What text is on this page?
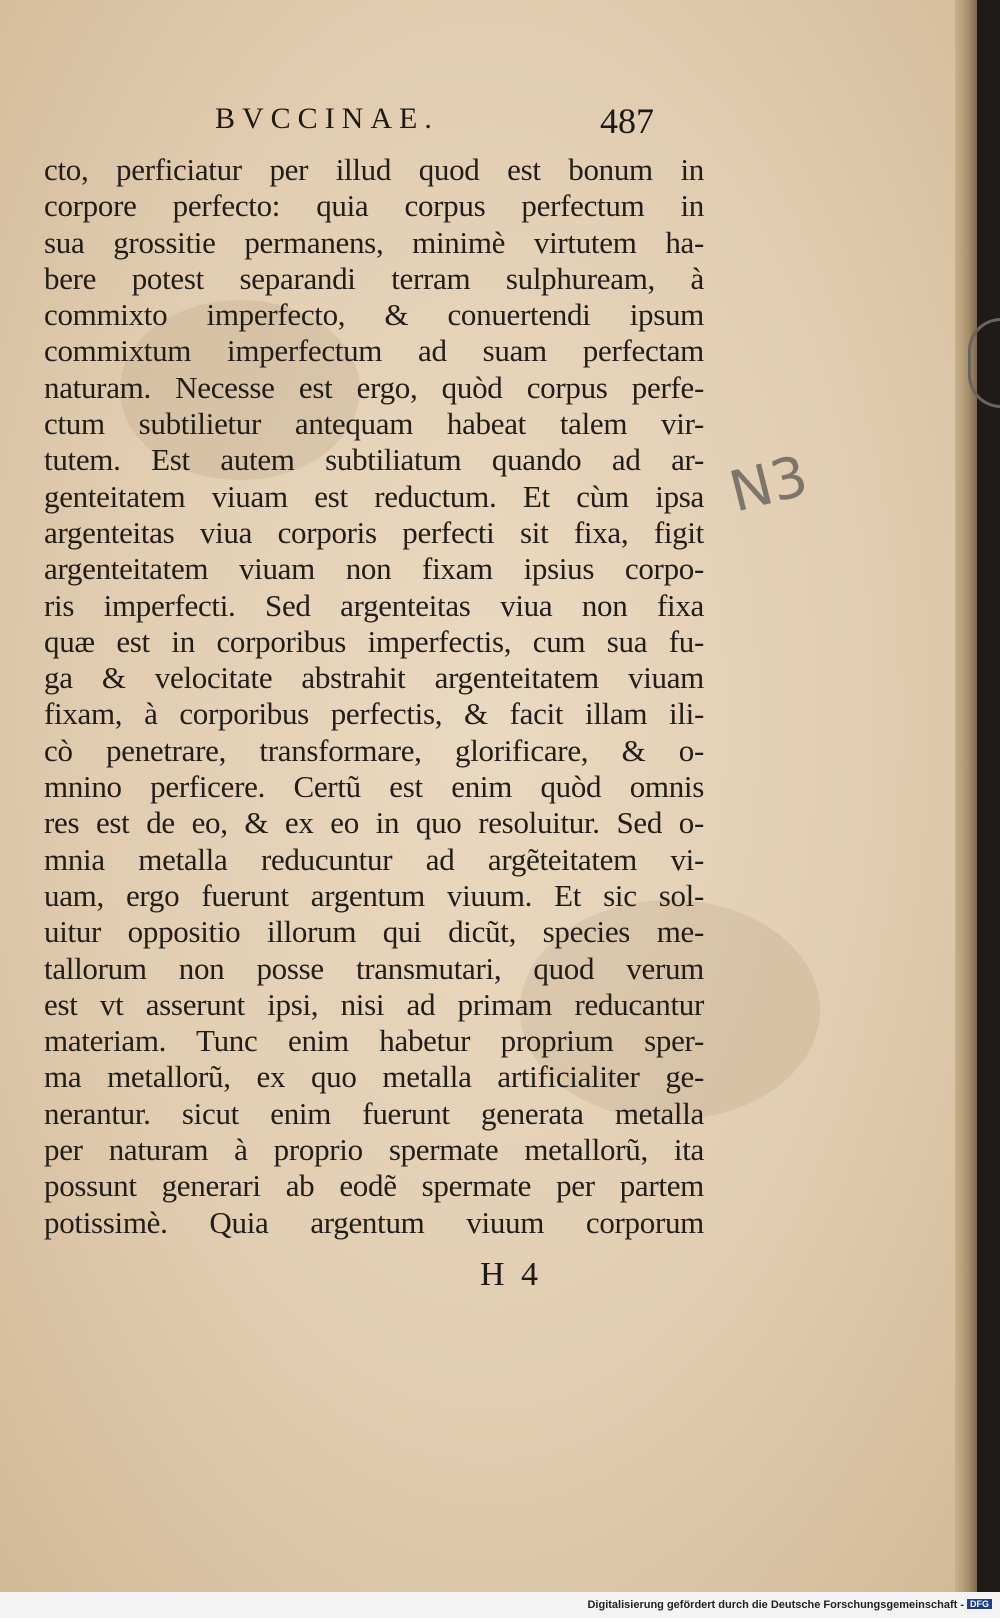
BVCCINAE.	487
cto, perficiatur per illud quod est bonum in
corpore perfecto: quia corpus perfectum in
sua grossitie permanens, minimè virtutem ha-
bere potest separandi terram sulphuream, à
commixto imperfecto, & conuertendi ipsum
commixtum imperfectum ad suam perfectam
naturam. Necesse est ergo, quòd corpus perfe-
ctum subtilietur antequam habeat talem vir-
tutem. Est autem subtiliatum quando ad ar-
genteitatem viuam est reductum. Et cùm ipsa
argenteitas viua corporis perfecti sit fixa, figit
argenteitatem viuam non fixam ipsius corpo-
ris imperfecti. Sed argenteitas viua non fixa
quæ est in corporibus imperfectis, cum sua fu-
ga & velocitate abstrahit argenteitatem viuam
fixam, à corporibus perfectis, & facit illam ili-
cò penetrare, transformare, glorificare, & o-
mnino perficere. Certũ est enim quòd omnis
res est de eo, & ex eo in quo resoluitur. Sed o-
mnia metalla reducuntur ad argẽteitatem vi-
uam, ergo fuerunt argentum viuum. Et sic sol-
uitur oppositio illorum qui dicũt, species me-
tallorum non posse transmutari, quod verum
est vt asserunt ipsi, nisi ad primam reducantur
materiam. Tunc enim habetur proprium sper-
ma metallorũ, ex quo metalla artificialiter ge-
nerantur. sicut enim fuerunt generata metalla
per naturam à proprio spermate metallorũ, ita
possunt generari ab eodẽ spermate per partem
potissimè. Quia argentum viuum corporum
H 4
N3
Digitalisierung gefördert durch die Deutsche Forschungsgemeinschaft - DFG
